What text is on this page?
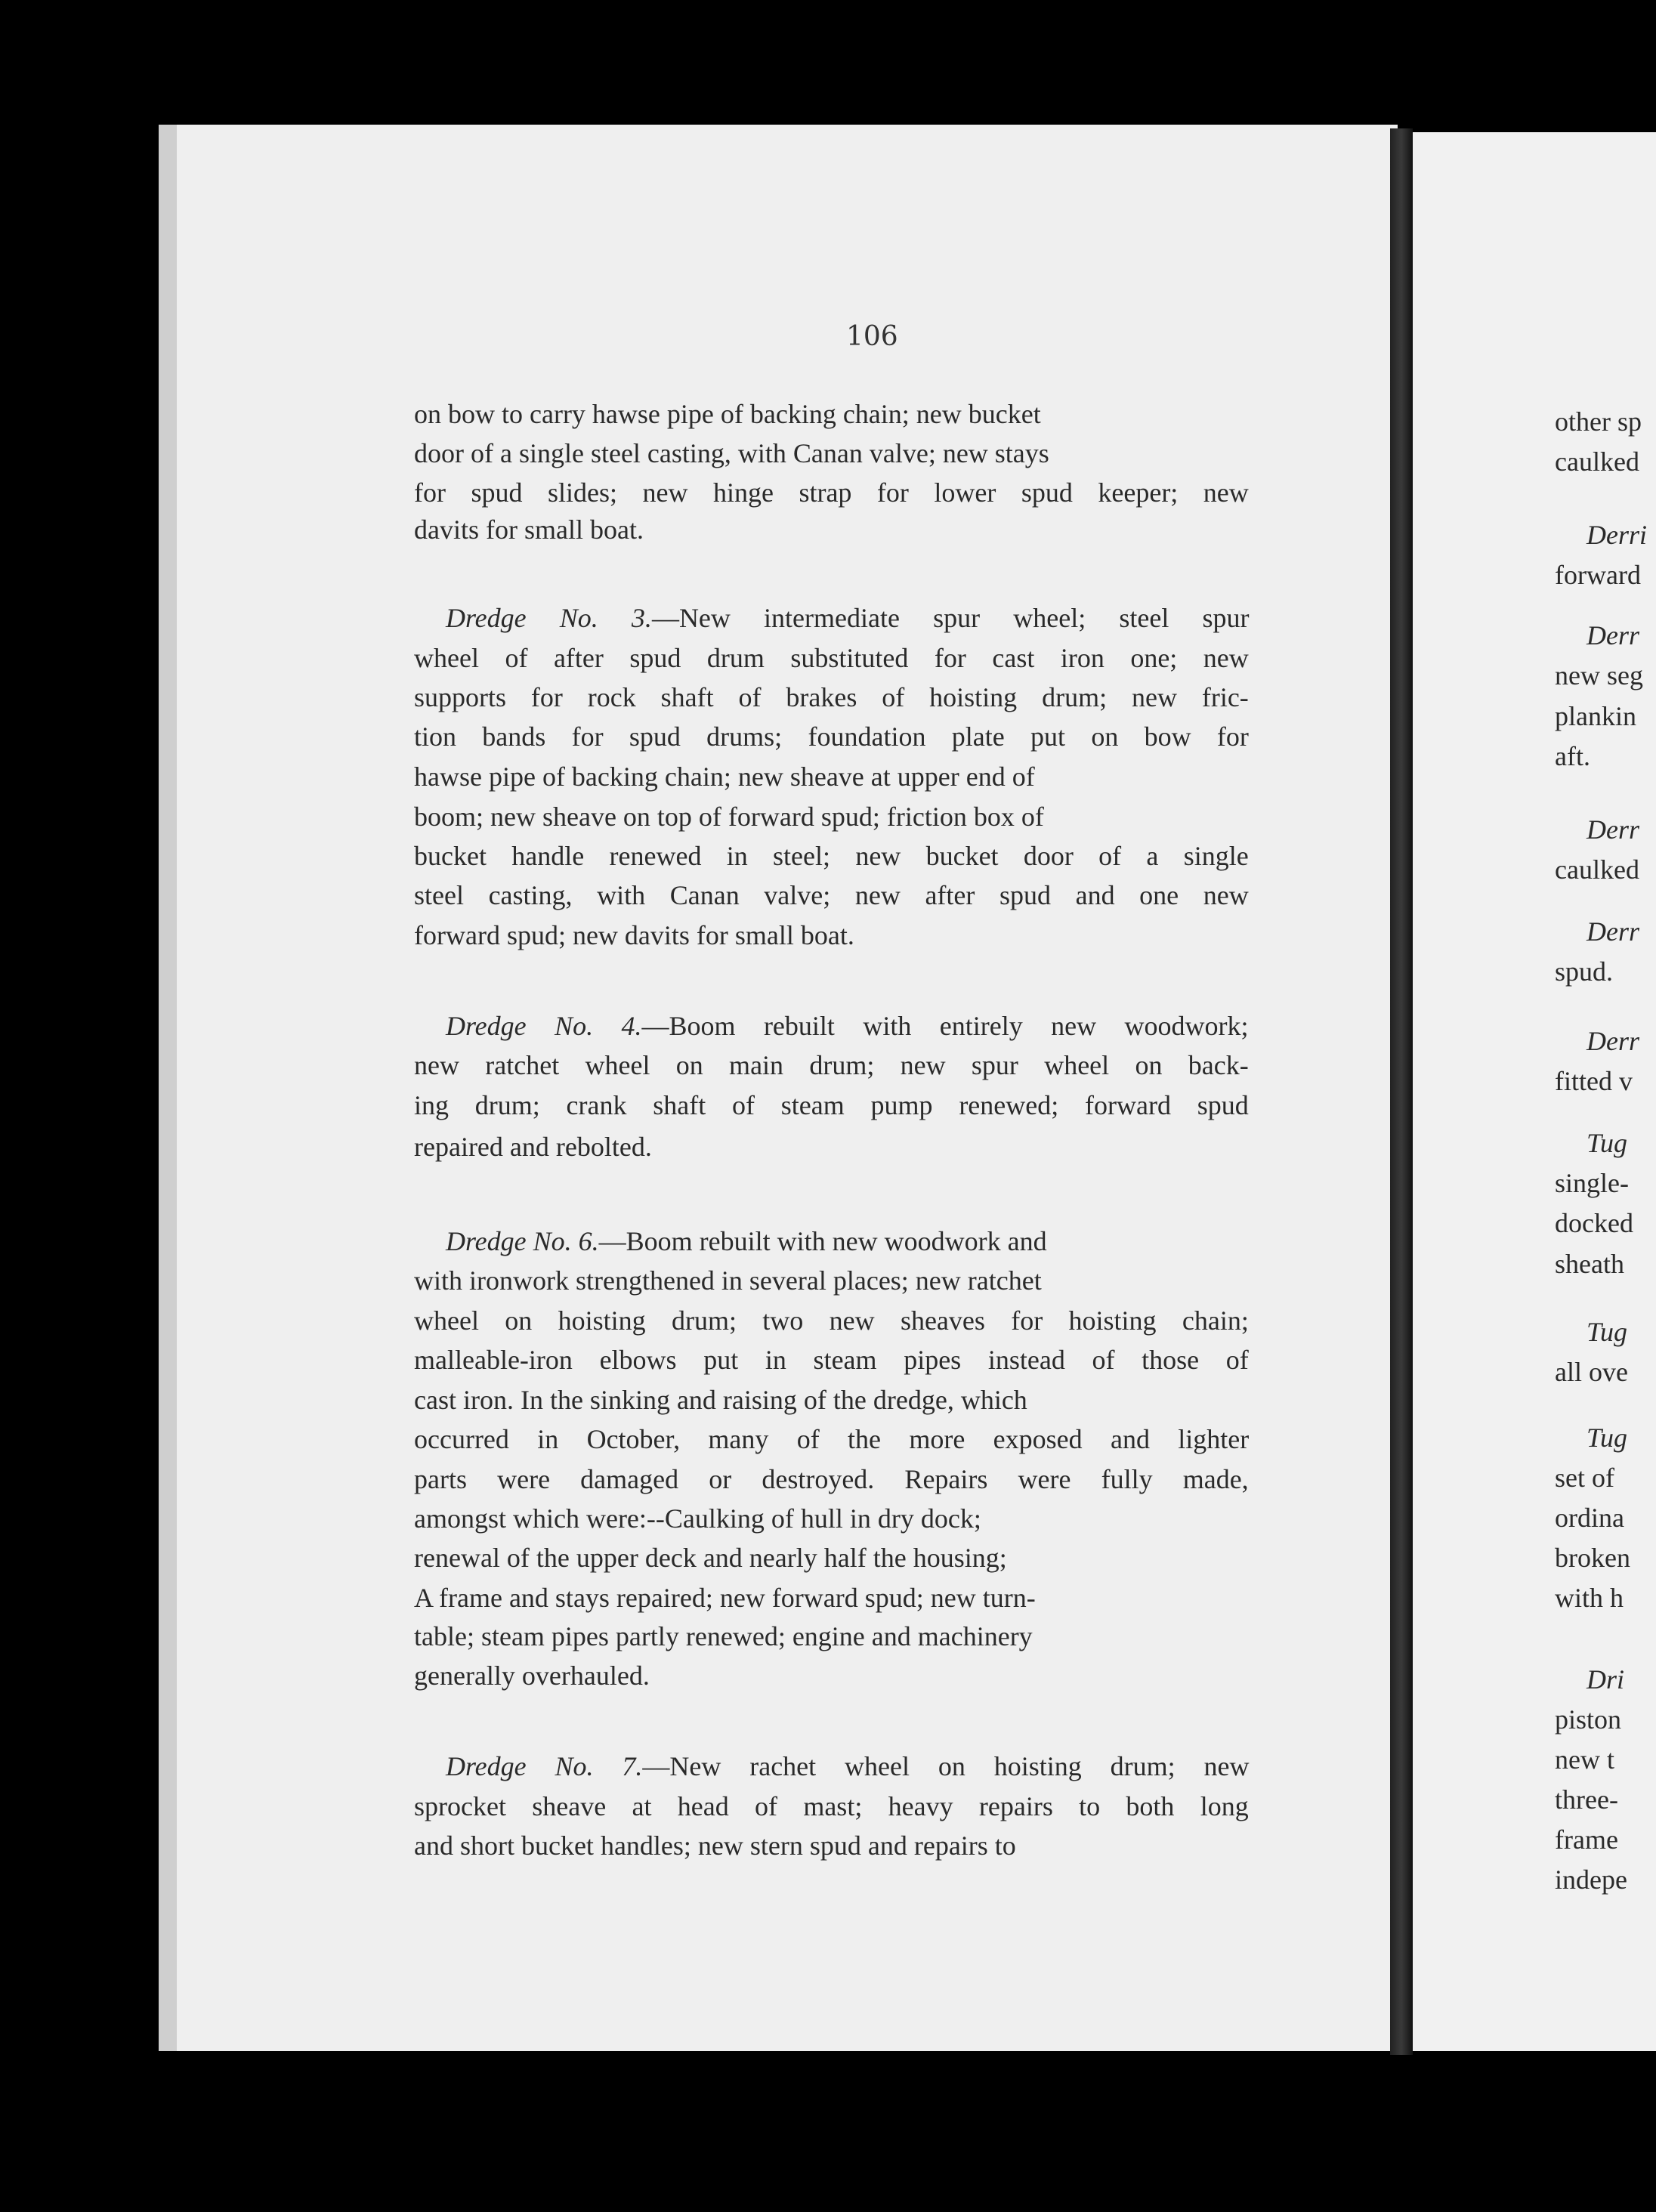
106
on bow to carry hawse pipe of backing chain; new bucket
door of a single steel casting, with Canan valve; new stays
for spud slides; new hinge strap for lower spud keeper; new
davits for small boat.
Dredge No. 3.—New intermediate spur wheel; steel spur
wheel of after spud drum substituted for cast iron one; new
supports for rock shaft of brakes of hoisting drum; new fric-
tion bands for spud drums; foundation plate put on bow for
hawse pipe of backing chain; new sheave at upper end of
boom; new sheave on top of forward spud; friction box of
bucket handle renewed in steel; new bucket door of a single
steel casting, with Canan valve; new after spud and one new
forward spud; new davits for small boat.
Dredge No. 4.—Boom rebuilt with entirely new woodwork;
new ratchet wheel on main drum; new spur wheel on back-
ing drum; crank shaft of steam pump renewed; forward spud
repaired and rebolted.
Dredge No. 6.—Boom rebuilt with new woodwork and
with ironwork strengthened in several places; new ratchet
wheel on hoisting drum; two new sheaves for hoisting chain;
malleable-iron elbows put in steam pipes instead of those of
cast iron. In the sinking and raising of the dredge, which
occurred in October, many of the more exposed and lighter
parts were damaged or destroyed. Repairs were fully made,
amongst which were:--Caulking of hull in dry dock;
renewal of the upper deck and nearly half the housing;
A frame and stays repaired; new forward spud; new turn-
table; steam pipes partly renewed; engine and machinery
generally overhauled.
Dredge No. 7.—New rachet wheel on hoisting drum; new
sprocket sheave at head of mast; heavy repairs to both long
and short bucket handles; new stern spud and repairs to
other sp
caulked
Derri
forward
Derr
new seg
plankin
aft.
Derr
caulked
Derr
spud.
Derr
fitted v
Tug
single-
docked
sheath
Tug
all ove
Tug
set of
ordina
broken
with h
Dri
piston
new t
three-
frame
indepe
